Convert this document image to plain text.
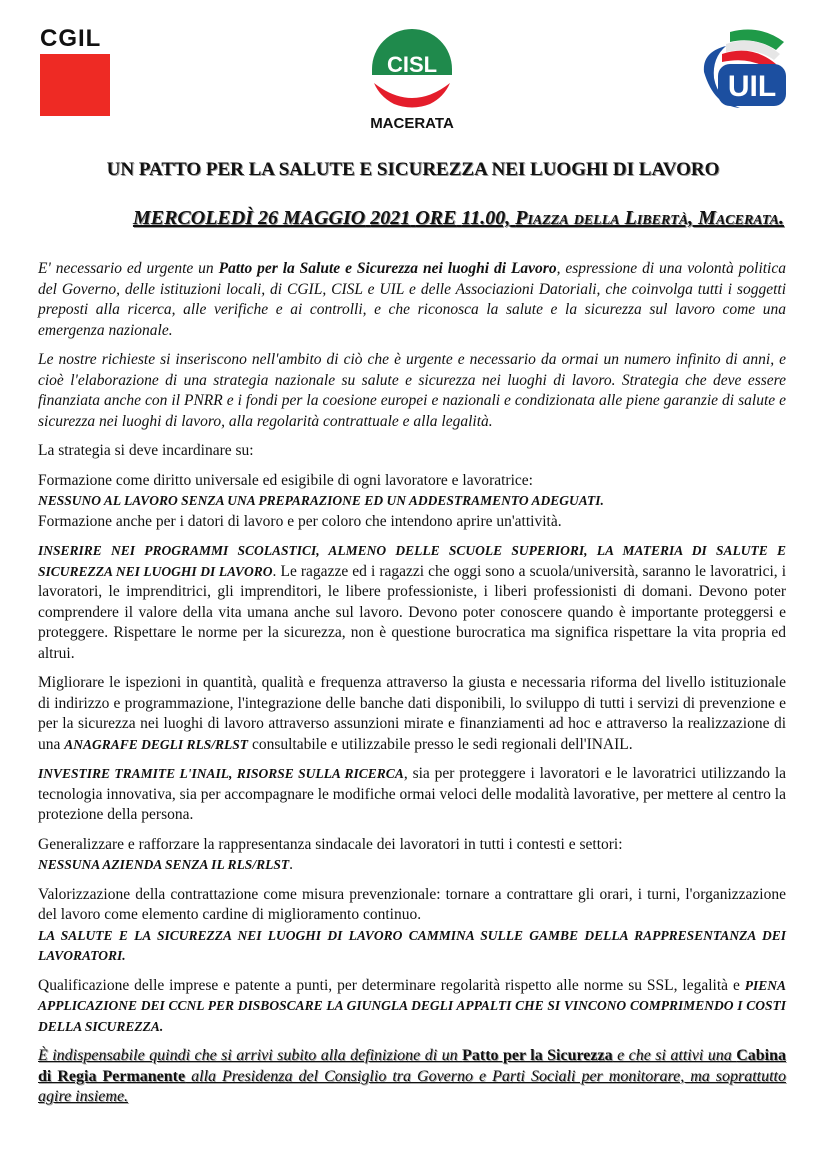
CGIL
CISL
MACERATA
UIL
UN PATTO PER LA SALUTE E SICUREZZA NEI LUOGHI DI LAVORO
MERCOLEDÌ 26 MAGGIO 2021 ORE 11.00, Piazza della Libertà, Macerata.

E' necessario ed urgente un Patto per la Salute e Sicurezza nei luoghi di Lavoro, espressione di una volontà politica del Governo, delle istituzioni locali, di CGIL, CISL e UIL e delle Associazioni Datoriali, che coinvolga tutti i soggetti preposti alla ricerca, alle verifiche e ai controlli, e che riconosca la salute e la sicurezza sul lavoro come una emergenza nazionale.

Le nostre richieste si inseriscono nell'ambito di ciò che è urgente e necessario da ormai un numero infinito di anni, e cioè l'elaborazione di una strategia nazionale su salute e sicurezza nei luoghi di lavoro. Strategia che deve essere finanziata anche con il PNRR e i fondi per la coesione europei e nazionali e condizionata alle piene garanzie di salute e sicurezza nei luoghi di lavoro, alla regolarità contrattuale e alla legalità.

La strategia si deve incardinare su:

Formazione come diritto universale ed esigibile di ogni lavoratore e lavoratrice:
NESSUNO AL LAVORO SENZA UNA PREPARAZIONE ED UN ADDESTRAMENTO ADEGUATI.
Formazione anche per i datori di lavoro e per coloro che intendono aprire un'attività.

INSERIRE NEI PROGRAMMI SCOLASTICI, ALMENO DELLE SCUOLE SUPERIORI, LA MATERIA DI SALUTE E SICUREZZA NEI LUOGHI DI LAVORO. Le ragazze ed i ragazzi che oggi sono a scuola/università, saranno le lavoratrici, i lavoratori, le imprenditrici, gli imprenditori, le libere professioniste, i liberi professionisti di domani. Devono poter comprendere il valore della vita umana anche sul lavoro. Devono poter conoscere quando è importante proteggersi e proteggere. Rispettare le norme per la sicurezza, non è questione burocratica ma significa rispettare la vita propria ed altrui.

Migliorare le ispezioni in quantità, qualità e frequenza attraverso la giusta e necessaria riforma del livello istituzionale di indirizzo e programmazione, l'integrazione delle banche dati disponibili, lo sviluppo di tutti i servizi di prevenzione e per la sicurezza nei luoghi di lavoro attraverso assunzioni mirate e finanziamenti ad hoc e attraverso la realizzazione di una ANAGRAFE DEGLI RLS/RLST consultabile e utilizzabile presso le sedi regionali dell'INAIL.

INVESTIRE TRAMITE L'INAIL, RISORSE SULLA RICERCA, sia per proteggere i lavoratori e le lavoratrici utilizzando la tecnologia innovativa, sia per accompagnare le modifiche ormai veloci delle modalità lavorative, per mettere al centro la protezione della persona.

Generalizzare e rafforzare la rappresentanza sindacale dei lavoratori in tutti i contesti e settori:
NESSUNA AZIENDA SENZA IL RLS/RLST.

Valorizzazione della contrattazione come misura prevenzionale: tornare a contrattare gli orari, i turni, l'organizzazione del lavoro come elemento cardine di miglioramento continuo.
LA SALUTE E LA SICUREZZA NEI LUOGHI DI LAVORO CAMMINA SULLE GAMBE DELLA RAPPRESENTANZA DEI LAVORATORI.

Qualificazione delle imprese e patente a punti, per determinare regolarità rispetto alle norme su SSL, legalità e PIENA APPLICAZIONE DEI CCNL PER DISBOSCARE LA GIUNGLA DEGLI APPALTI CHE SI VINCONO COMPRIMENDO I COSTI DELLA SICUREZZA.

È indispensabile quindi che si arrivi subito alla definizione di un Patto per la Sicurezza e che si attivi una Cabina di Regia Permanente alla Presidenza del Consiglio tra Governo e Parti Sociali per monitorare, ma soprattutto agire insieme.
